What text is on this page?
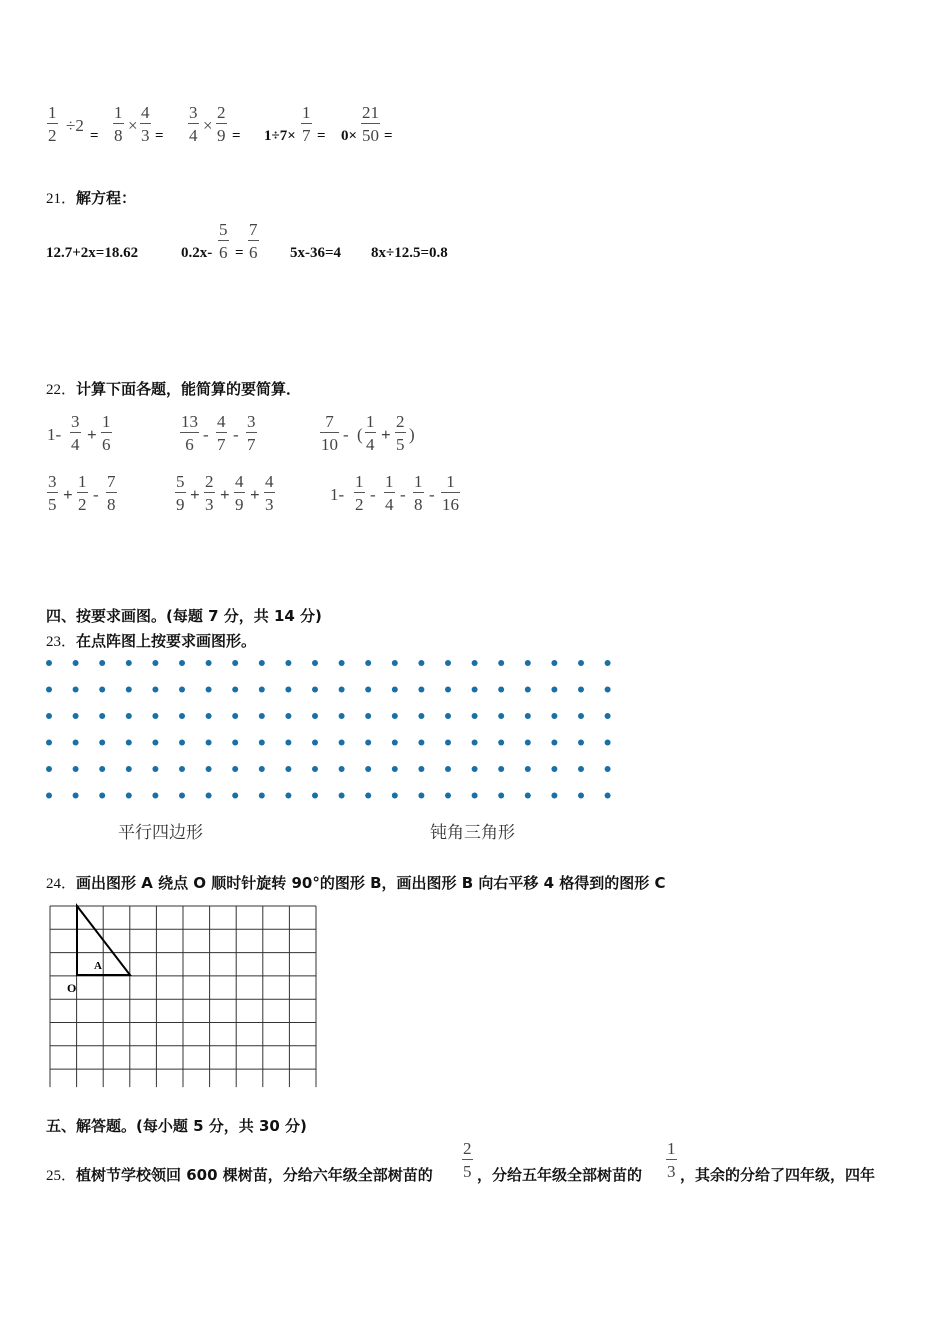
1
2
÷2
=
1
8
×
4
3 =
3
4
×
2
9 = 1÷7×
1
7 = 0×
21
50 =
21．解方程：
12.7+2x=18.62	0.2x-
5
6 =
7
6 5x-36=4 8x÷12.5=0.8
22．计算下面各题，能简算的要简算．
1-
3
4
+
1
6
13
6
-
4
7
-
3
7
7
10
- (
1
4
+
2
5
)
3
5
+
1
2
-
7
8
5
9
+
2
3
+
4
9
+
4
3
1-
1
2
-
1
4
-
1
8
-
1
16
四、按要求画图。(每题 7 分，共 14 分)
23．在点阵图上按要求画图形。
平行四边形	钝角三角形
24．画出图形 A 绕点 O 顺时针旋转 90°的图形 B，画出图形 B 向右平移 4 格得到的图形 C
A
O
五、解答题。(每小题 5 分，共 30 分)
25．植树节学校领回 600 棵树苗，分给六年级全部树苗的
2
5 ，分给五年级全部树苗的
1
3 ，其余的分给了四年级，四年
